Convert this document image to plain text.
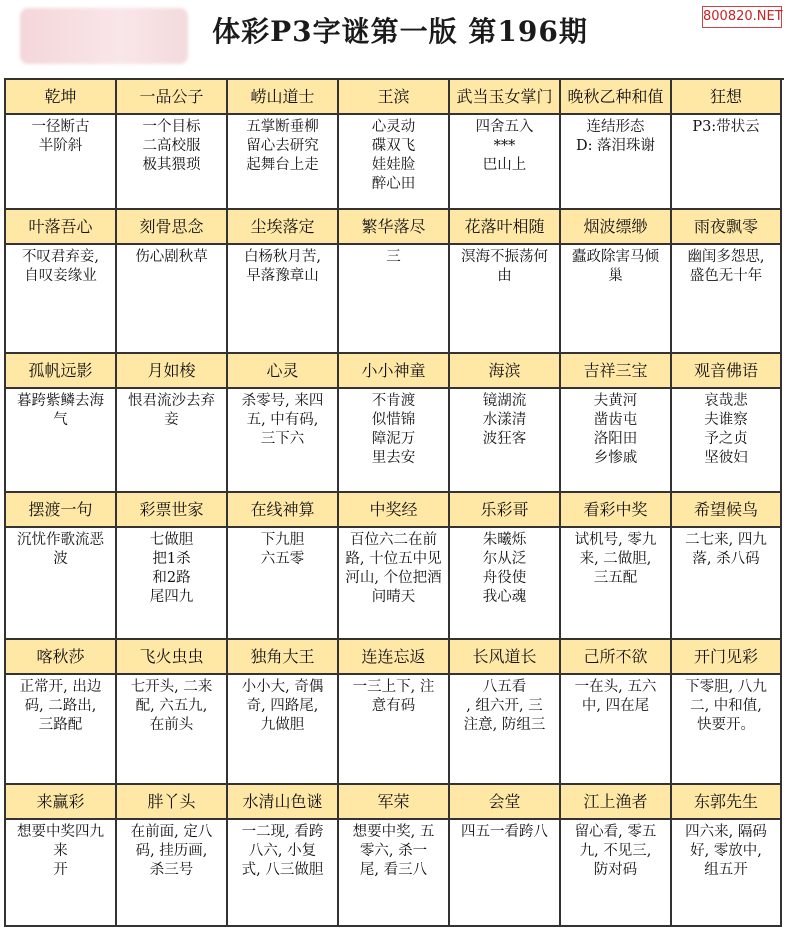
体彩P3字谜第一版 第196期	800820.NET
乾坤
一径断古
半阶斜
一品公子
一个目标
二高校服
极其猥琐
崂山道士
五掌断垂柳
留心去研究
起舞台上走
王滨
心灵动
碟双飞
娃娃脸
醉心田
武当玉女掌门
四舍五入
***
巴山上
晚秋乙种和值
连结形态
D: 落泪珠谢
狂想
P3:带状云
叶落吾心
不叹君弃妾,
自叹妾缘业
刻骨思念
伤心剧秋草
尘埃落定
白杨秋月苦,
早落豫章山
繁华落尽
三
花落叶相随
溟海不振荡何
由
烟波缥缈
蠹政除害马倾
巢
雨夜飘零
幽闺多怨思,
盛色无十年
孤帆远影
暮跨紫鳞去海
气
月如梭
恨君流沙去弃
妾
心灵
杀零号, 来四
五, 中有码,
三下六
小小神童
不肯渡
似惜锦
障泥万
里去安
海滨
镜湖流
水漾清
波狂客
吉祥三宝
夫黄河
凿齿屯
洛阳田
乡惨戚
观音佛语
哀哉悲
夫谁察
予之贞
坚彼妇
摆渡一句
沉忧作歌流恶
波
彩票世家
七做胆
把1杀
和2路
尾四九
在线神算
下九胆
六五零
中奖经
百位六二在前
路, 十位五中见
河山, 个位把酒
问晴天
乐彩哥
朱曦烁
尔从泛
舟役使
我心魂
看彩中奖
试机号, 零九
来, 二做胆,
三五配
希望候鸟
二七来, 四九
落, 杀八码
喀秋莎
正常开, 出边
码, 二路出,
三路配
飞火虫虫
七开头, 二来
配, 六五九,
在前头
独角大王
小小大, 奇偶
奇, 四路尾,
九做胆
连连忘返
一三上下, 注
意有码
长风道长
八五看
, 组六开, 三
注意, 防组三
己所不欲
一在头, 五六
中, 四在尾
开门见彩
下零胆, 八九
二, 中和值,
快要开。
来赢彩
想要中奖四九
来
开
胖丫头
在前面, 定八
码, 挂历画,
杀三号
水清山色谜
一二现, 看跨
八六, 小复
式, 八三做胆
军荣
想要中奖, 五
零六, 杀一
尾, 看三八
会堂
四五一看跨八
江上渔者
留心看, 零五
九, 不见三,
防对码
东郭先生
四六来, 隔码
好, 零放中,
组五开
